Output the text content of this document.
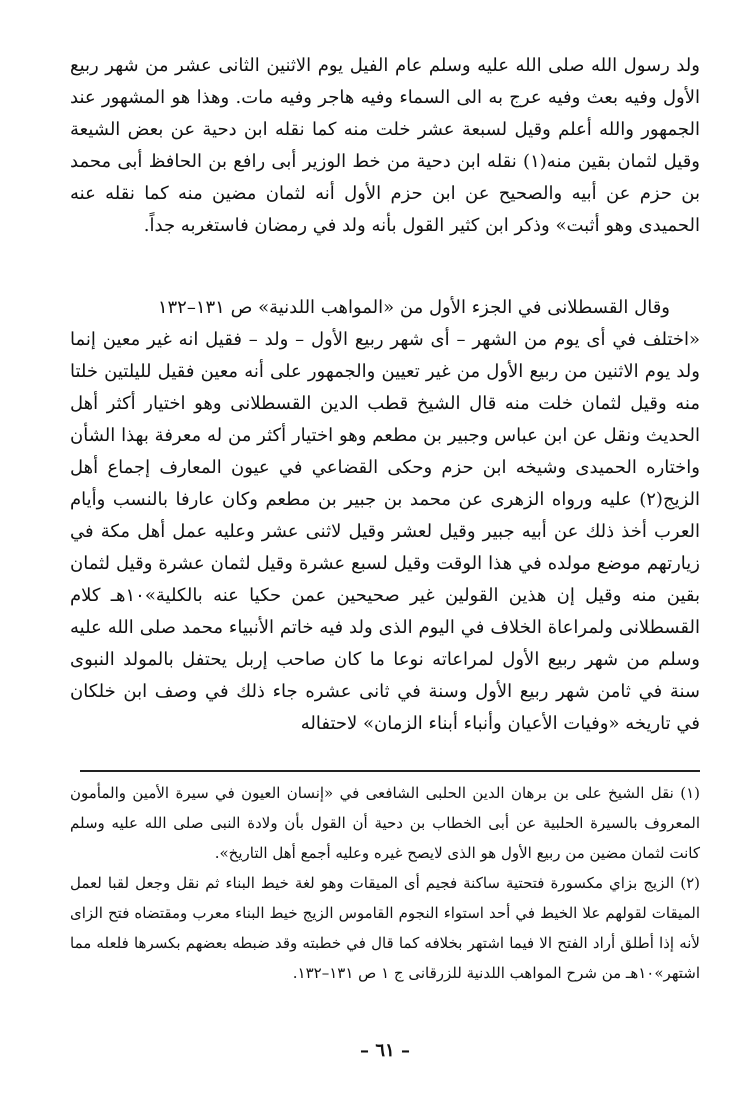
ولد رسول الله صلى الله عليه وسلم عام الفيل يوم الاثنين الثانى عشر من شهر ربيع الأول وفيه بعث وفيه عرج به الى السماء وفيه هاجر وفيه مات. وهذا هو المشهور عند الجمهور والله أعلم وقيل لسبعة عشر خلت منه كما نقله ابن دحية عن بعض الشيعة وقيل لثمان بقين منه(١) نقله ابن دحية من خط الوزير أبى رافع بن الحافظ أبى محمد بن حزم عن أبيه والصحيح عن ابن حزم الأول أنه لثمان مضين منه كما نقله عنه الحميدى وهو أثبت» وذكر ابن كثير القول بأنه ولد في رمضان فاستغربه جداً.

وقال القسطلانى في الجزء الأول من «المواهب اللدنية» ص ١٣١–١٣٢
«اختلف في أى يوم من الشهر – أى شهر ربيع الأول – ولد – فقيل انه غير معين إنما ولد يوم الاثنين من ربيع الأول من غير تعيين والجمهور على أنه معين فقيل لليلتين خلتا منه وقيل لثمان خلت منه قال الشيخ قطب الدين القسطلانى وهو اختيار أكثر أهل الحديث ونقل عن ابن عباس وجبير بن مطعم وهو اختيار أكثر من له معرفة بهذا الشأن واختاره الحميدى وشيخه ابن حزم وحكى القضاعي في عيون المعارف إجماع أهل الزيج(٢) عليه ورواه الزهرى عن محمد بن جبير بن مطعم وكان عارفا بالنسب وأيام العرب أخذ ذلك عن أبيه جبير وقيل لعشر وقيل لاثنى عشر وعليه عمل أهل مكة في زيارتهم موضع مولده في هذا الوقت وقيل لسبع عشرة وقيل لثمان عشرة وقيل لثمان بقين منه وقيل إن هذين القولين غير صحيحين عمن حكيا عنه بالكلية»١٠هـ كلام القسطلانى ولمراعاة الخلاف في اليوم الذى ولد فيه خاتم الأنبياء محمد صلى الله عليه وسلم من شهر ربيع الأول لمراعاته نوعا ما كان صاحب إربل يحتفل بالمولد النبوى سنة في ثامن شهر ربيع الأول وسنة في ثانى عشره جاء ذلك في وصف ابن خلكان في تاريخه «وفيات الأعيان وأنباء أبناء الزمان» لاحتفاله

(١) نقل الشيخ على بن برهان الدين الحلبى الشافعى في «إنسان العيون في سيرة الأمين والمأمون المعروف بالسيرة الحلبية عن أبى الخطاب بن دحية أن القول بأن ولادة النبى صلى الله عليه وسلم كانت لثمان مضين من ربيع الأول هو الذى لايصح غيره وعليه أجمع أهل التاريخ».

(٢) الزيج بزاي مكسورة فتحتية ساكنة فجيم أى الميقات وهو لغة خيط البناء ثم نقل وجعل لقبا لعمل الميقات لقولهم علا الخيط في أحد استواء النجوم القاموس الزيج خيط البناء معرب ومقتضاه فتح الزاى لأنه إذا أطلق أراد الفتح الا فيما اشتهر بخلافه كما قال في خطبته وقد ضبطه بعضهم بكسرها فلعله مما اشتهر»١٠هـ من شرح المواهب اللدنية للزرقانى ج ١ ص ١٣١–١٣٢.

– ٦١ –
